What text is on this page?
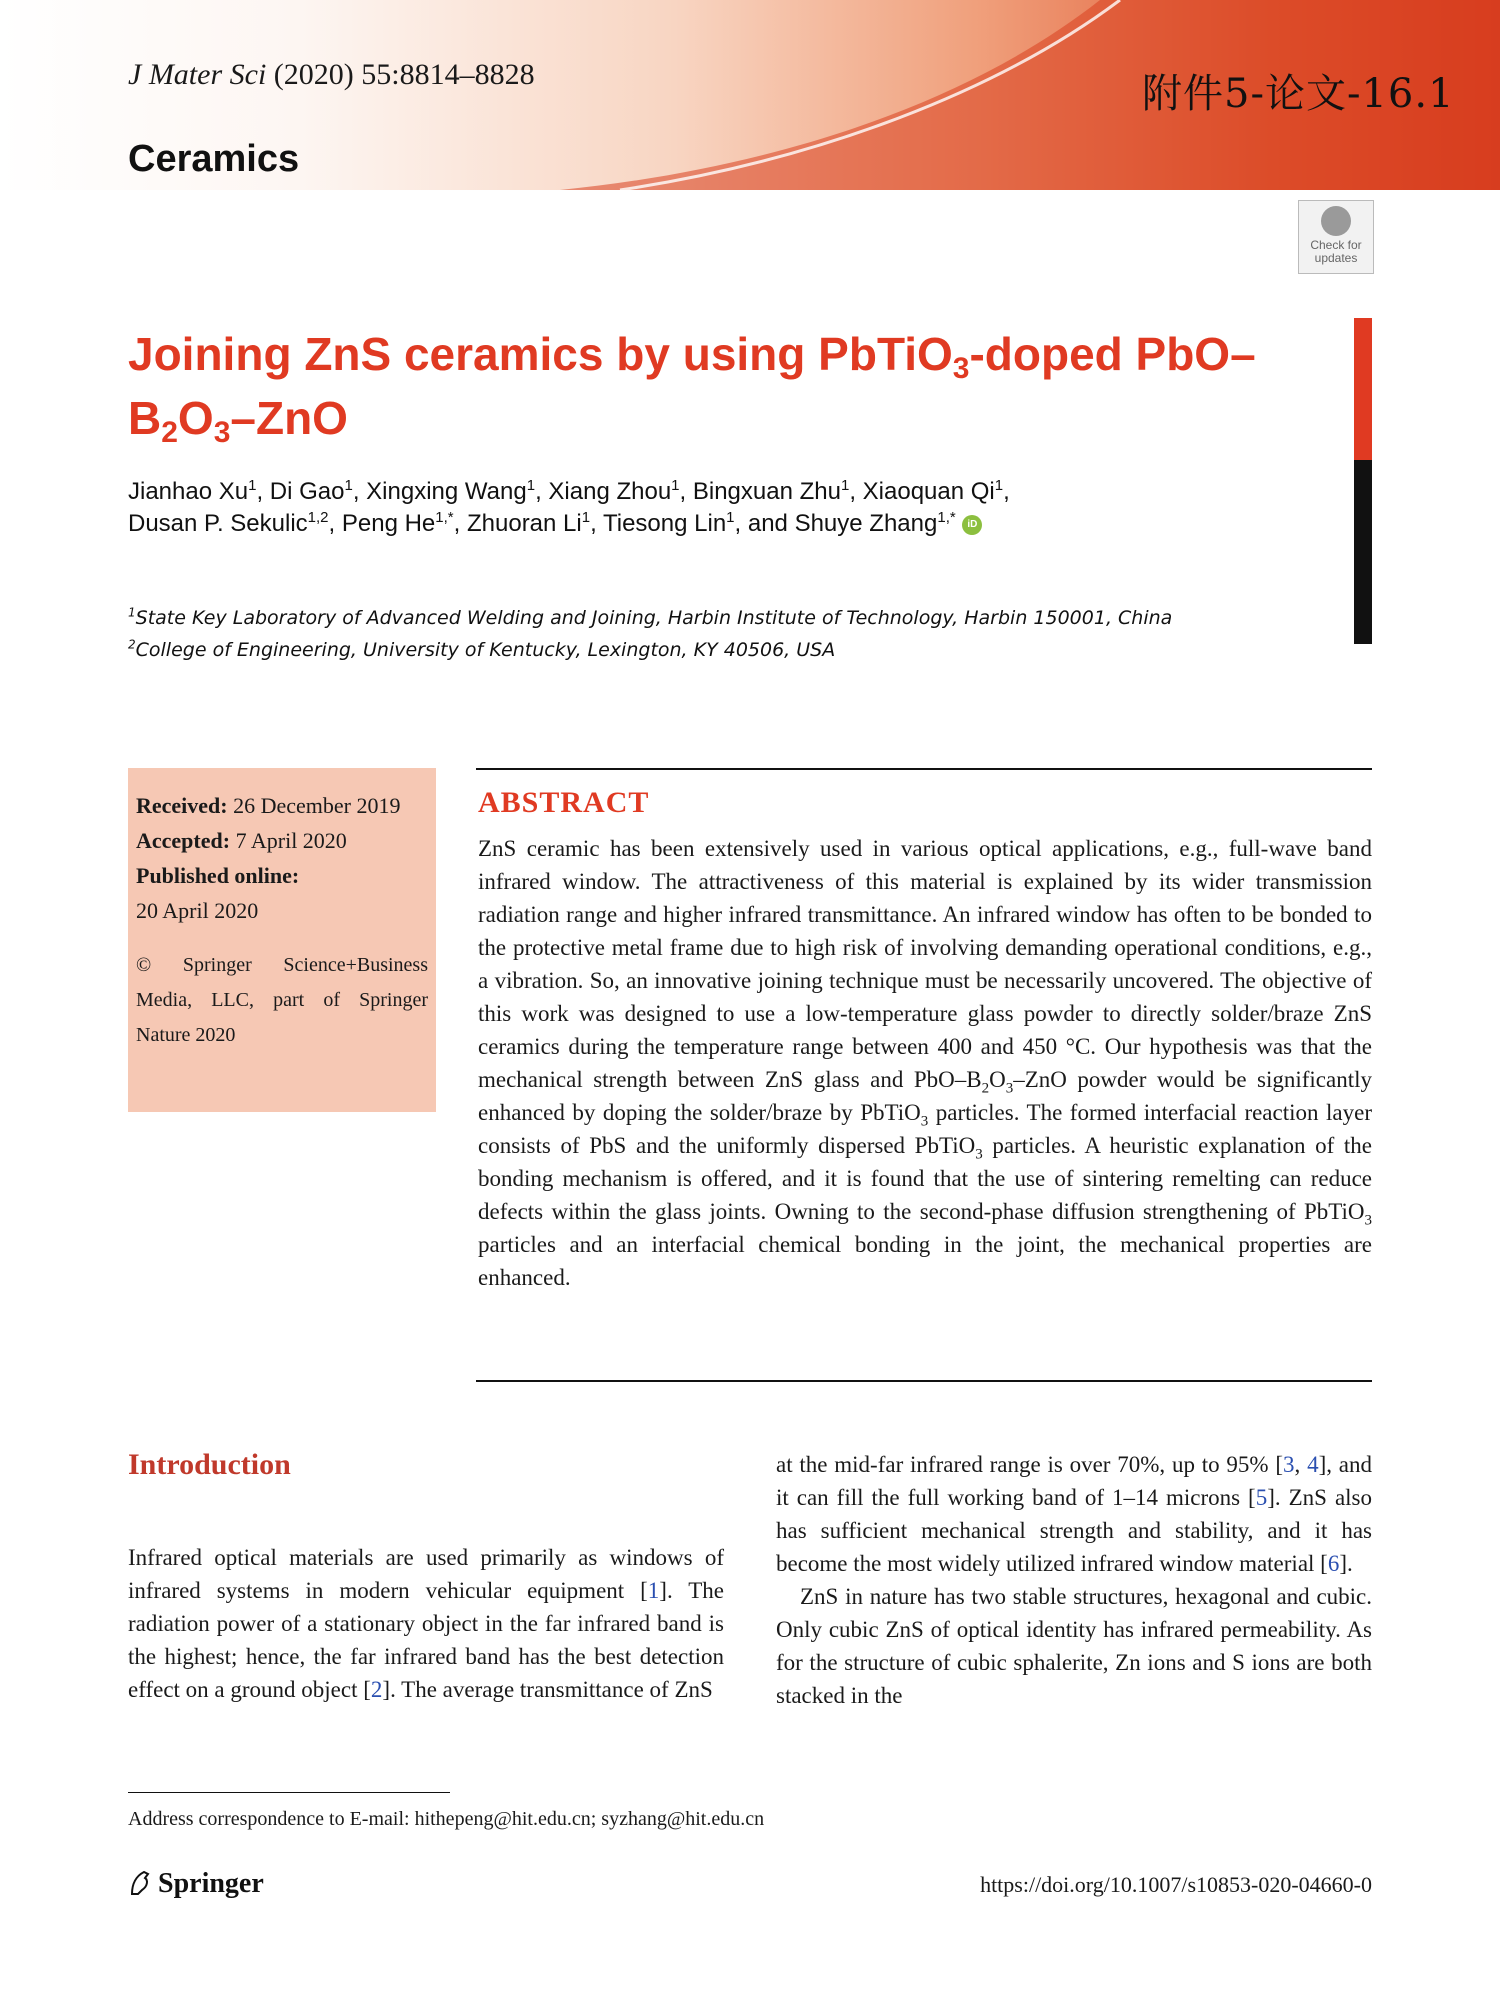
J Mater Sci (2020) 55:8814–8828
Ceramics
附件5-论文-16.1
Check for updates
Joining ZnS ceramics by using PbTiO$_3$-doped PbO–
$B_2O_3$–ZnO
Jianhao Xu$^1$, Di Gao$^1$, Xingxing Wang$^1$, Xiang Zhou$^1$, Bingxuan Zhu$^1$, Xiaoquan Qi$^1$,
Dusan P. Sekulic$^{1,2}$, Peng $He^{1,*}$, Zhuoran Li$^1$, Tiesong Lin$^1$, and Shuye Zhang$^{1,*}$ iD
$^1$State Key Laboratory of Advanced Welding and Joining, Harbin Institute of Technology, Harbin 150001, China
$^2$College of Engineering, University of Kentucky, Lexington, KY 40506, USA
Received: 26 December 2019
Accepted: 7 April 2020
Published online:
20 April 2020
© Springer Science+Business Media, LLC, part of Springer Nature 2020
ABSTRACT
ZnS ceramic has been extensively used in various optical applications, e.g., full-wave band infrared window. The attractiveness of this material is explained by its wider transmission radiation range and higher infrared transmittance. An infrared window has often to be bonded to the protective metal frame due to high risk of involving demanding operational conditions, e.g., a vibration. So, an innovative joining technique must be necessarily uncovered. The objective of this work was designed to use a low-temperature glass powder to directly solder/braze ZnS ceramics during the temperature range between 400 and 450 °C. Our hypothesis was that the mechanical strength between ZnS glass and PbO–$B_2O_3$–ZnO powder would be significantly enhanced by doping the solder/braze by PbTiO$_3$ particles. The formed interfacial reaction layer consists of PbS and the uniformly dispersed PbTiO$_3$ particles. A heuristic explanation of the bonding mechanism is offered, and it is found that the use of sintering remelting can reduce defects within the glass joints. Owning to the second-phase diffusion strengthening of PbTiO$_3$ particles and an interfacial chemical bonding in the joint, the mechanical properties are enhanced.
Introduction
Infrared optical materials are used primarily as windows of infrared systems in modern vehicular equipment [1]. The radiation power of a stationary object in the far infrared band is the highest; hence, the far infrared band has the best detection effect on a ground object [2]. The average transmittance of ZnS

at the mid-far infrared range is over 70%, up to 95% [3, 4], and it can fill the full working band of 1–14 microns [5]. ZnS also has sufficient mechanical strength and stability, and it has become the most widely utilized infrared window material [6].

ZnS in nature has two stable structures, hexagonal and cubic. Only cubic ZnS of optical identity has infrared permeability. As for the structure of cubic sphalerite, Zn ions and S ions are both stacked in the

Address correspondence to E-mail: hithepeng@hit.edu.cn; syzhang@hit.edu.cn
Springer	https://doi.org/10.1007/s10853-020-04660-0
